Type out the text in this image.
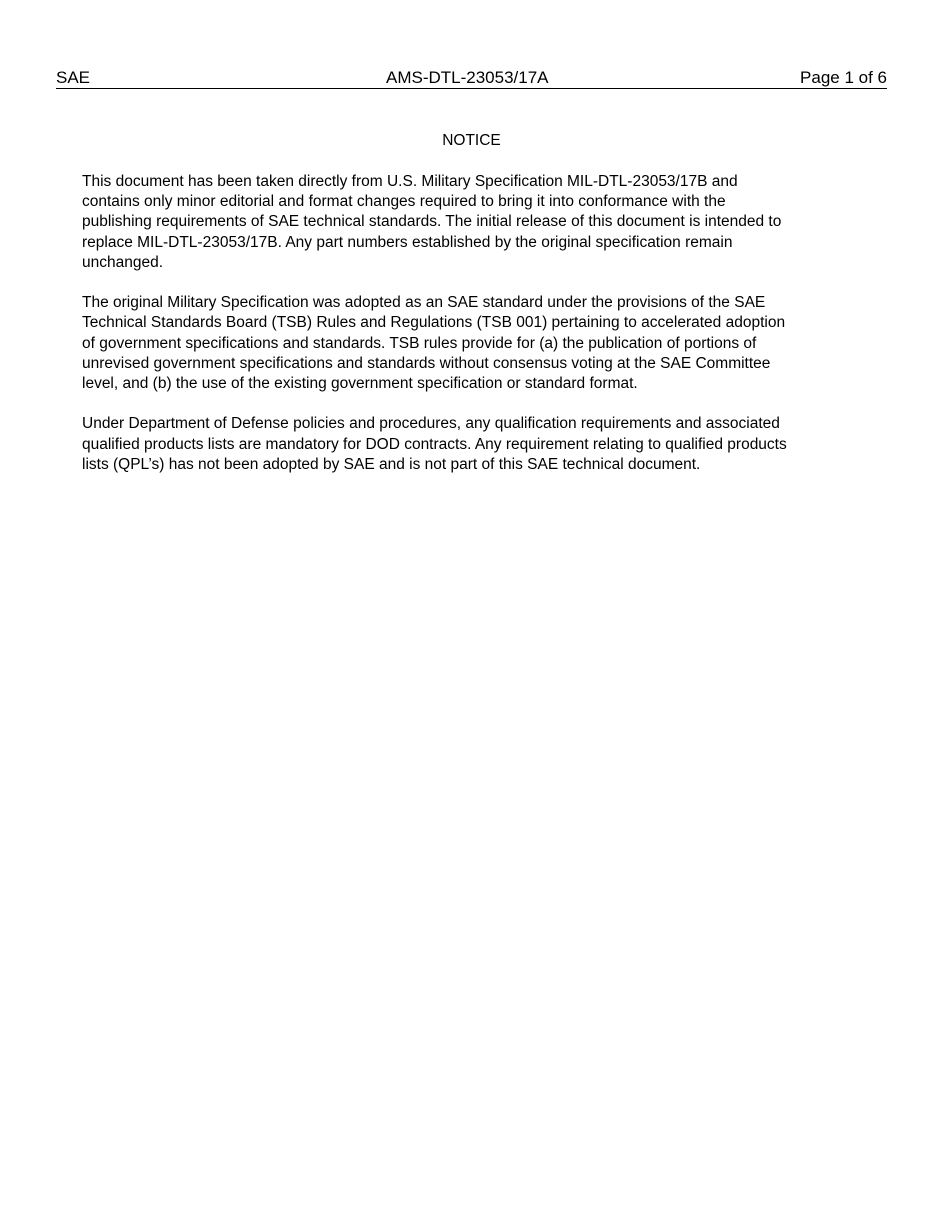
SAE	AMS-DTL-23053/17A	Page 1 of 6
NOTICE

This document has been taken directly from U.S. Military Specification MIL-DTL-23053/17B and
contains only minor editorial and format changes required to bring it into conformance with the
publishing requirements of SAE technical standards. The initial release of this document is intended to
replace MIL-DTL-23053/17B. Any part numbers established by the original specification remain
unchanged.

The original Military Specification was adopted as an SAE standard under the provisions of the SAE
Technical Standards Board (TSB) Rules and Regulations (TSB 001) pertaining to accelerated adoption
of government specifications and standards. TSB rules provide for (a) the publication of portions of
unrevised government specifications and standards without consensus voting at the SAE Committee
level, and (b) the use of the existing government specification or standard format.

Under Department of Defense policies and procedures, any qualification requirements and associated
qualified products lists are mandatory for DOD contracts. Any requirement relating to qualified products
lists (QPL’s) has not been adopted by SAE and is not part of this SAE technical document.
